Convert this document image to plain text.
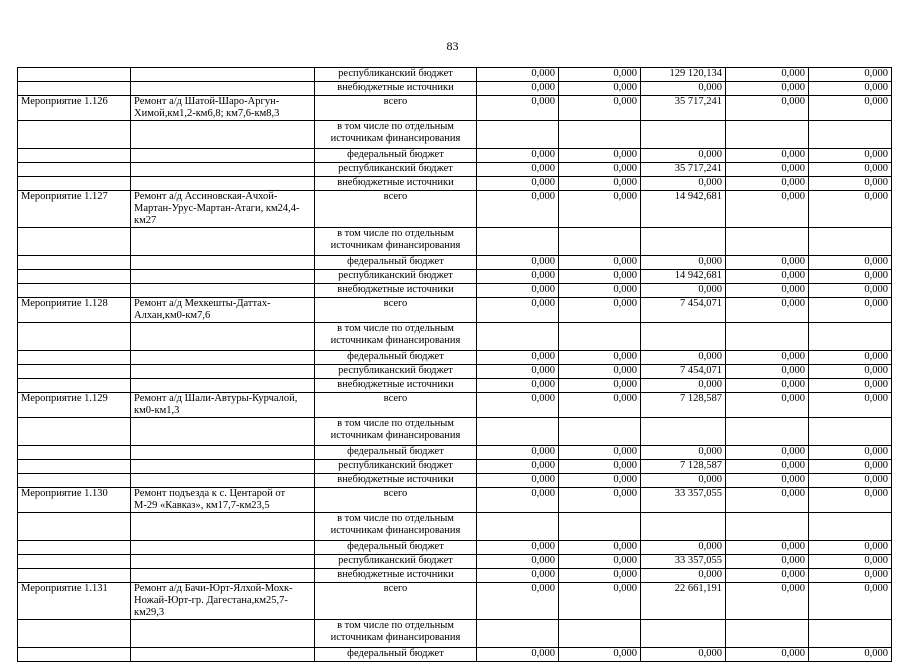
83
		республиканский бюджет	0,000	0,000	129 120,134	0,000	0,000
		внебюджетные источники	0,000	0,000	0,000	0,000	0,000
Мероприятие 1.126	Ремонт а/д Шатой-Шаро-Аргун-Химой,км1,2-км6,8; км7,6-км8,3	всего	0,000	0,000	35 717,241	0,000	0,000
		в том числе по отдельным источникам финансирования					
		федеральный бюджет	0,000	0,000	0,000	0,000	0,000
		республиканский бюджет	0,000	0,000	35 717,241	0,000	0,000
		внебюджетные источники	0,000	0,000	0,000	0,000	0,000
Мероприятие 1.127	Ремонт а/д Ассиновская-Ачхой-Мартан-Урус-Мартан-Атаги, км24,4-км27	всего	0,000	0,000	14 942,681	0,000	0,000
		в том числе по отдельным источникам финансирования					
		федеральный бюджет	0,000	0,000	0,000	0,000	0,000
		республиканский бюджет	0,000	0,000	14 942,681	0,000	0,000
		внебюджетные источники	0,000	0,000	0,000	0,000	0,000
Мероприятие 1.128	Ремонт а/д Мехкешты-Даттах-Алхан,км0-км7,6	всего	0,000	0,000	7 454,071	0,000	0,000
		в том числе по отдельным источникам финансирования					
		федеральный бюджет	0,000	0,000	0,000	0,000	0,000
		республиканский бюджет	0,000	0,000	7 454,071	0,000	0,000
		внебюджетные источники	0,000	0,000	0,000	0,000	0,000
Мероприятие 1.129	Ремонт а/д Шали-Автуры-Курчалой, км0-км1,3	всего	0,000	0,000	7 128,587	0,000	0,000
		в том числе по отдельным источникам финансирования					
		федеральный бюджет	0,000	0,000	0,000	0,000	0,000
		республиканский бюджет	0,000	0,000	7 128,587	0,000	0,000
		внебюджетные источники	0,000	0,000	0,000	0,000	0,000
Мероприятие 1.130	Ремонт подъезда к с. Центарой от М-29 «Кавказ», км17,7-км23,5	всего	0,000	0,000	33 357,055	0,000	0,000
		в том числе по отдельным источникам финансирования					
		федеральный бюджет	0,000	0,000	0,000	0,000	0,000
		республиканский бюджет	0,000	0,000	33 357,055	0,000	0,000
		внебюджетные источники	0,000	0,000	0,000	0,000	0,000
Мероприятие 1.131	Ремонт а/д Бачи-Юрт-Ялхой-Мохк-Ножай-Юрт-гр. Дагестана,км25,7-км29,3	всего	0,000	0,000	22 661,191	0,000	0,000
		в том числе по отдельным источникам финансирования					
		федеральный бюджет	0,000	0,000	0,000	0,000	0,000
